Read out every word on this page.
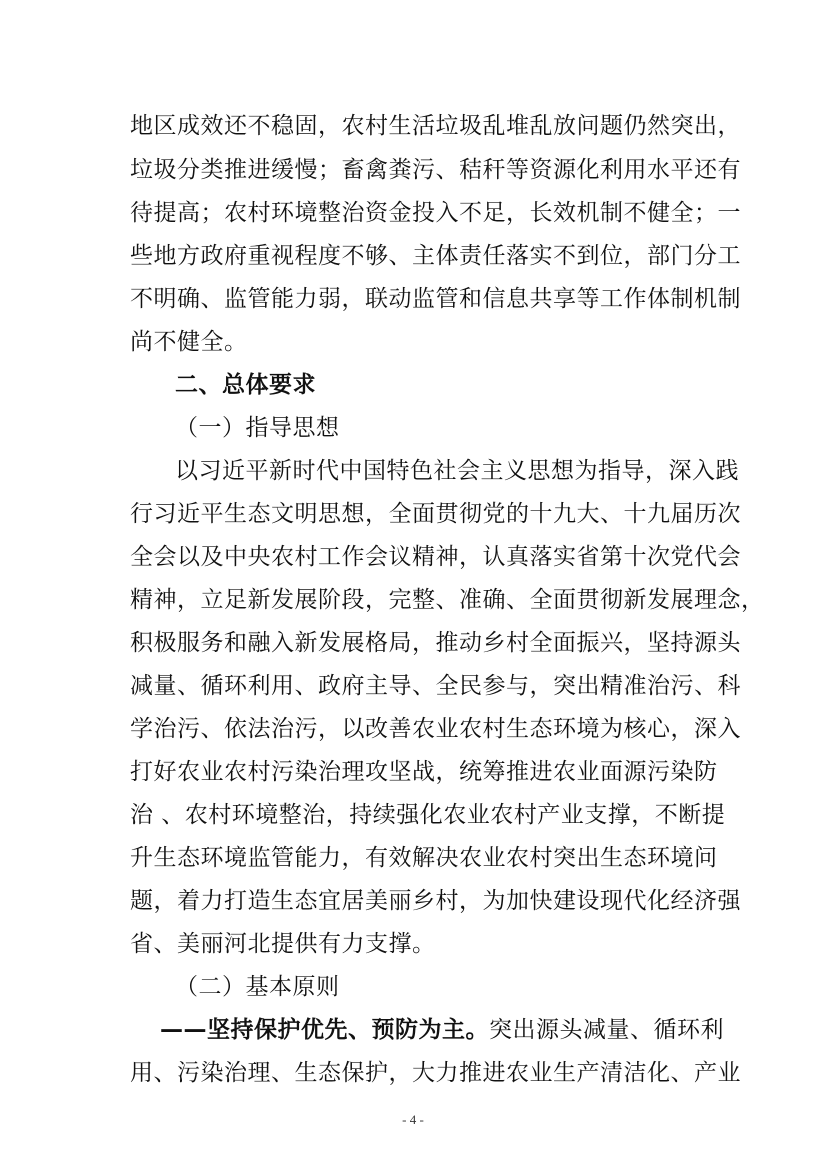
地区成效还不稳固，农村生活垃圾乱堆乱放问题仍然突出，
垃圾分类推进缓慢；畜禽粪污、秸秆等资源化利用水平还有
待提高；农村环境整治资金投入不足，长效机制不健全；一
些地方政府重视程度不够、主体责任落实不到位，部门分工
不明确、监管能力弱，联动监管和信息共享等工作体制机制
尚不健全。
二、总体要求
（一）指导思想
以习近平新时代中国特色社会主义思想为指导，深入践
行习近平生态文明思想，全面贯彻党的十九大、十九届历次
全会以及中央农村工作会议精神，认真落实省第十次党代会
精神，立足新发展阶段，完整、准确、全面贯彻新发展理念，
积极服务和融入新发展格局，推动乡村全面振兴，坚持源头
减量、循环利用、政府主导、全民参与，突出精准治污、科
学治污、依法治污，以改善农业农村生态环境为核心，深入
打好农业农村污染治理攻坚战，统筹推进农业面源污染防
治 、农村环境整治，持续强化农业农村产业支撑，不断提
升生态环境监管能力，有效解决农业农村突出生态环境问
题，着力打造生态宜居美丽乡村，为加快建设现代化经济强
省、美丽河北提供有力支撑。
（二）基本原则
——坚持保护优先、预防为主。突出源头减量、循环利
用、污染治理、生态保护，大力推进农业生产清洁化、产业
- 4 -
